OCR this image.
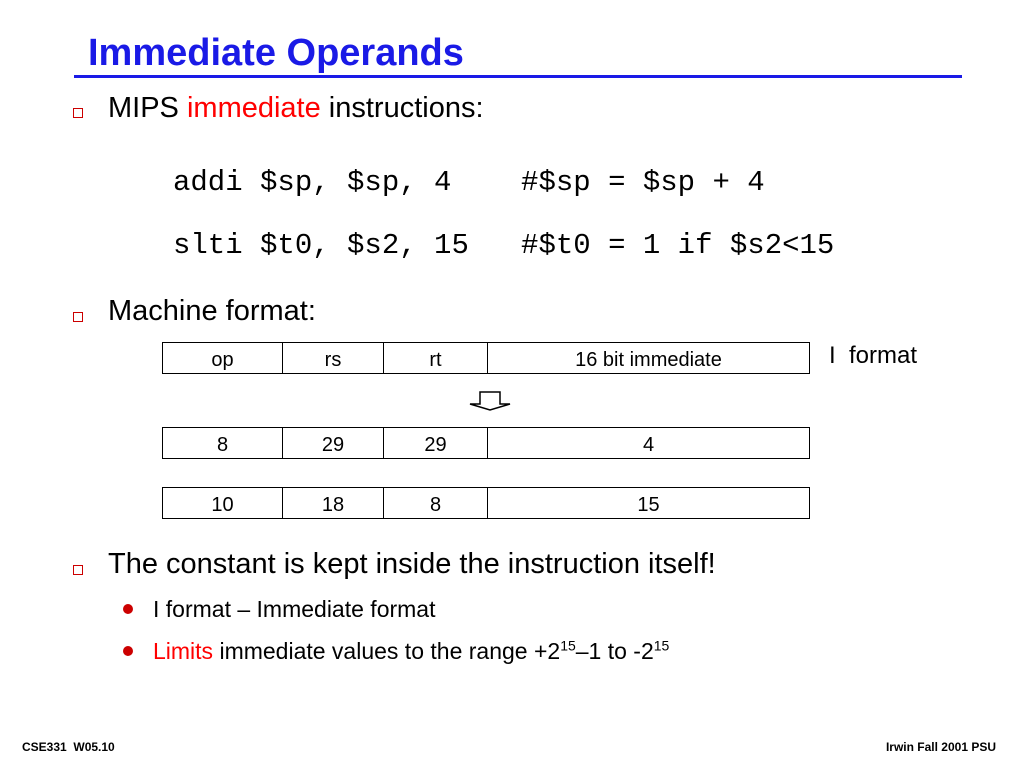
Immediate Operands
MIPS immediate instructions:
addi $sp, $sp, 4    #$sp = $sp + 4
slti $t0, $s2, 15   #$t0 = 1 if $s2<15
Machine format:
I  format
op	rs	rt	16 bit immediate
8	29	29	4
10	18	8	15
The constant is kept inside the instruction itself!
I format – Immediate format
Limits immediate values to the range $+2^{15}-1$ to $-2^{15}$
CSE331  W05.10	Irwin Fall 2001 PSU
